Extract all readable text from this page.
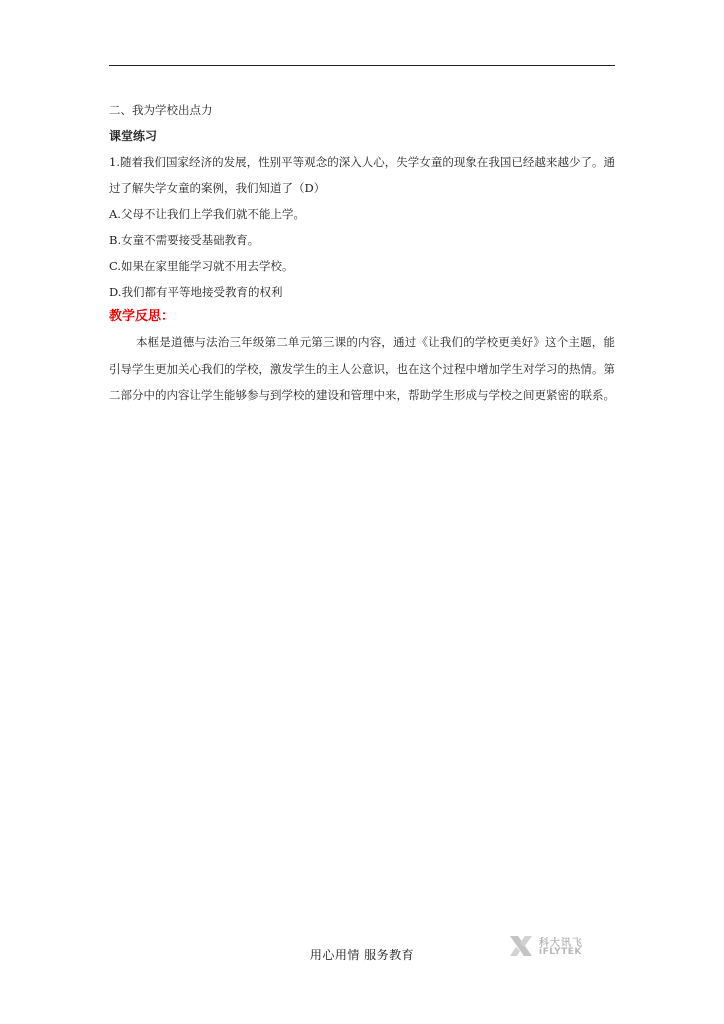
二、我为学校出点力
课堂练习
1.随着我们国家经济的发展，性别平等观念的深入人心，失学女童的现象在我国已经越来越少了。通过了解失学女童的案例，我们知道了（D）
A.父母不让我们上学我们就不能上学。
B.女童不需要接受基础教育。
C.如果在家里能学习就不用去学校。
D.我们都有平等地接受教育的权利
教学反思：
本框是道德与法治三年级第二单元第三课的内容，通过《让我们的学校更美好》这个主题，能引导学生更加关心我们的学校，激发学生的主人公意识，也在这个过程中增加学生对学习的热情。第二部分中的内容让学生能够参与到学校的建设和管理中来，帮助学生形成与学校之间更紧密的联系。
用心用情 服务教育
科大讯飞
iFLYTEK
